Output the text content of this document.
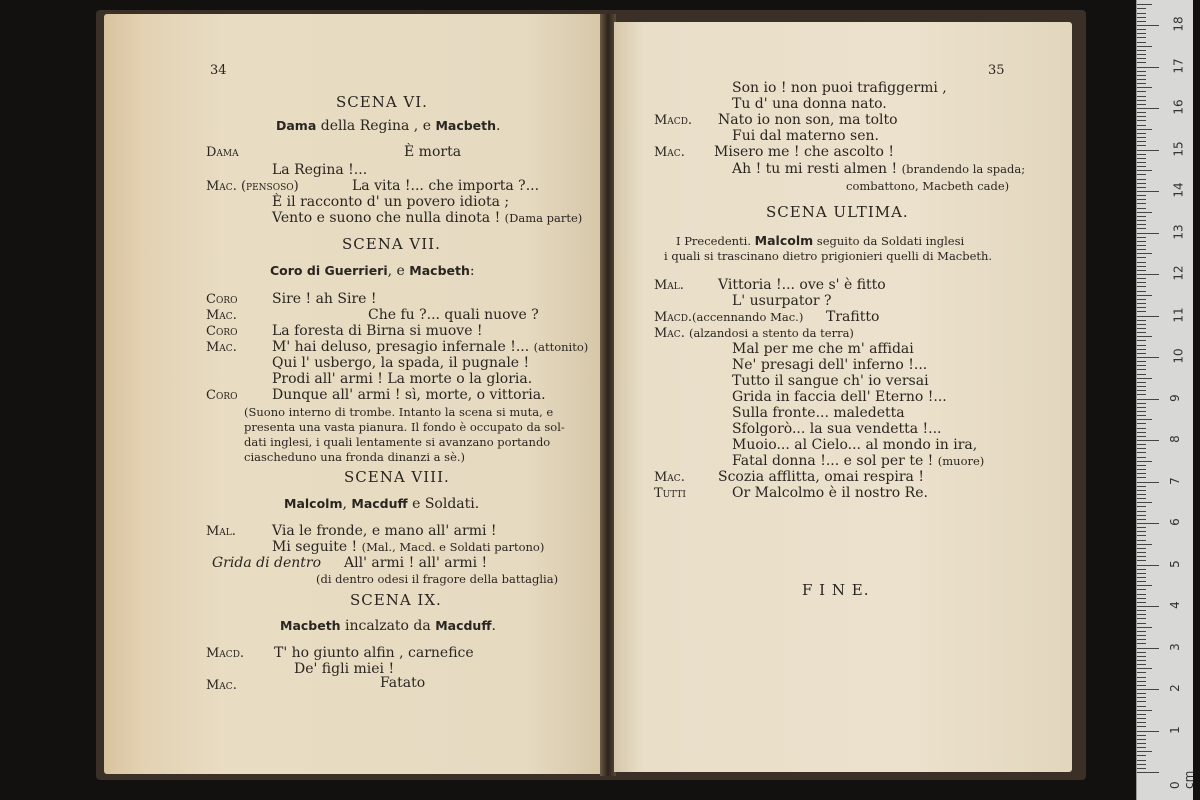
34
SCENA VI.
Dama della Regina , e Macbeth.
Dama	È morta
La Regina !...
Mac. (pensoso)	La vita !... che importa ?...
È il racconto d' un povero idiota ;
Vento e suono che nulla dinota ! (Dama parte)
SCENA VII.
Coro di Guerrieri, e Macbeth:
Coro Sire ! ah Sire !
Mac.	Che fu ?... quali nuove ?
Coro La foresta di Birna si muove !
Mac.	M' hai deluso, presagio infernale !... (attonito)
Qui l' usbergo, la spada, il pugnale !
Prodi all' armi ! La morte o la gloria.
Coro Dunque all' armi ! sì, morte, o vittoria.
(Suono interno di trombe. Intanto la scena si muta, e
presenta una vasta pianura. Il fondo è occupato da sol-
dati inglesi, i quali lentamente si avanzano portando
ciascheduno una fronda dinanzi a sè.)
SCENA VIII.
Malcolm, Macduff e Soldati.
Mal.	Via le fronde, e mano all' armi !
Mi seguite ! (Mal., Macd. e Soldati partono)
Grida di dentro All' armi ! all' armi !
(di dentro odesi il fragore della battaglia)
SCENA IX.
Macbeth incalzato da Macduff.
Macd. T' ho giunto alfin , carnefice
De' figli miei !
Mac.	Fatato
35
Son io ! non puoi trafiggermi ,
Tu d' una donna nato.
Macd. Nato io non son, ma tolto
Fui dal materno sen.
Mac. Misero me ! che ascolto !
Ah ! tu mi resti almen ! (brandendo la spada;
combattono, Macbeth cade)
SCENA ULTIMA.
I Precedenti. Malcolm seguito da Soldati inglesi
i quali si trascinano dietro prigionieri quelli di Macbeth.
Mal. Vittoria !... ove s' è fitto
L' usurpator ?
Macd.(accennando Mac.) Trafitto
Mac. (alzandosi a stento da terra)
Mal per me che m' affidai
Ne' presagi dell' inferno !...
Tutto il sangue ch' io versai
Grida in faccia dell' Eterno !...
Sulla fronte... maledetta
Sfolgorò... la sua vendetta !...
Muoio... al Cielo... al mondo in ira,
Fatal donna !... e sol per te ! (muore)
Mac. Scozia afflitta, omai respira !
Tutti	Or Malcolmo è il nostro Re.
F I N E.
0 cm
1
2
3
4
5
6
7
8
9
10
11
12
13
14
15
16
17
18
